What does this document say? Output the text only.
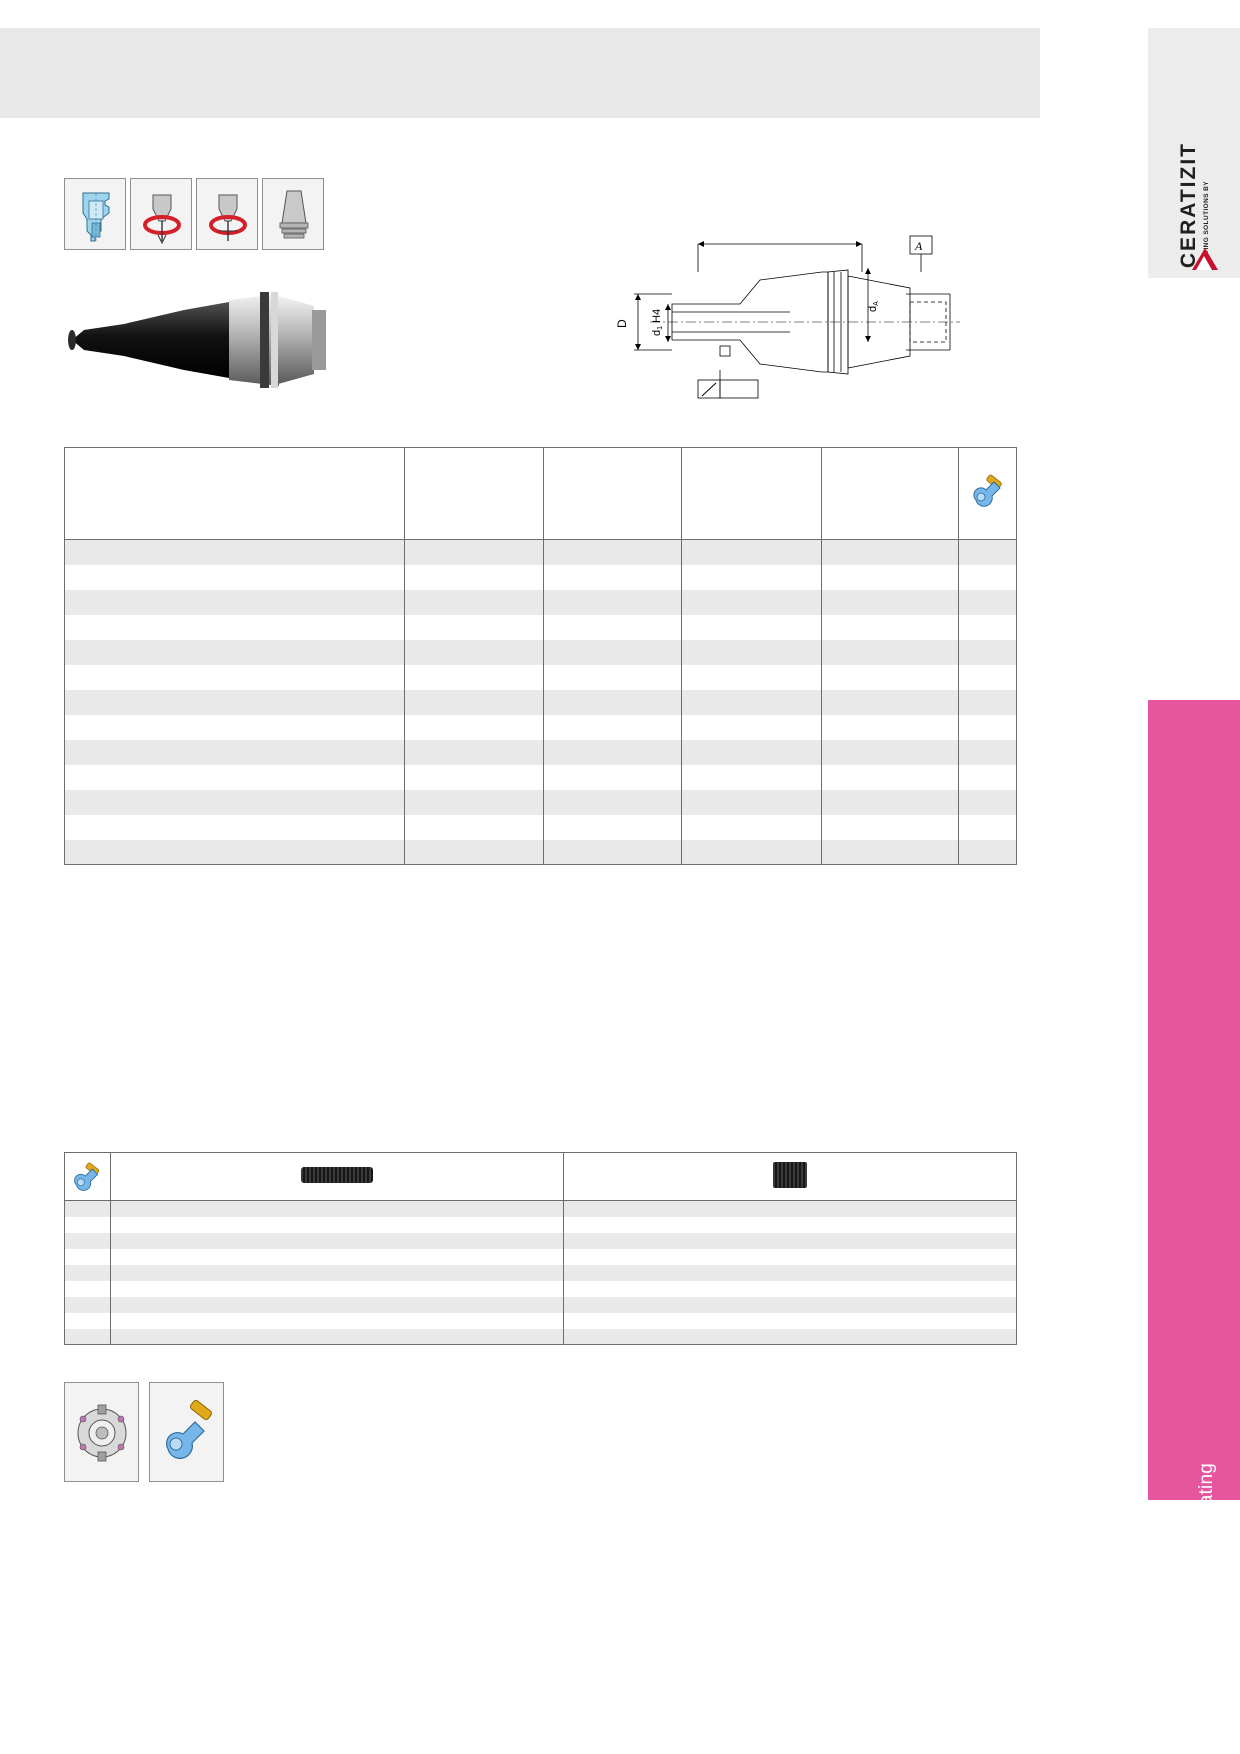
CERATIZIT CUTTING SOLUTIONS BY
Spindle nose tools / Rotating
A
D
d1 H4	dA
